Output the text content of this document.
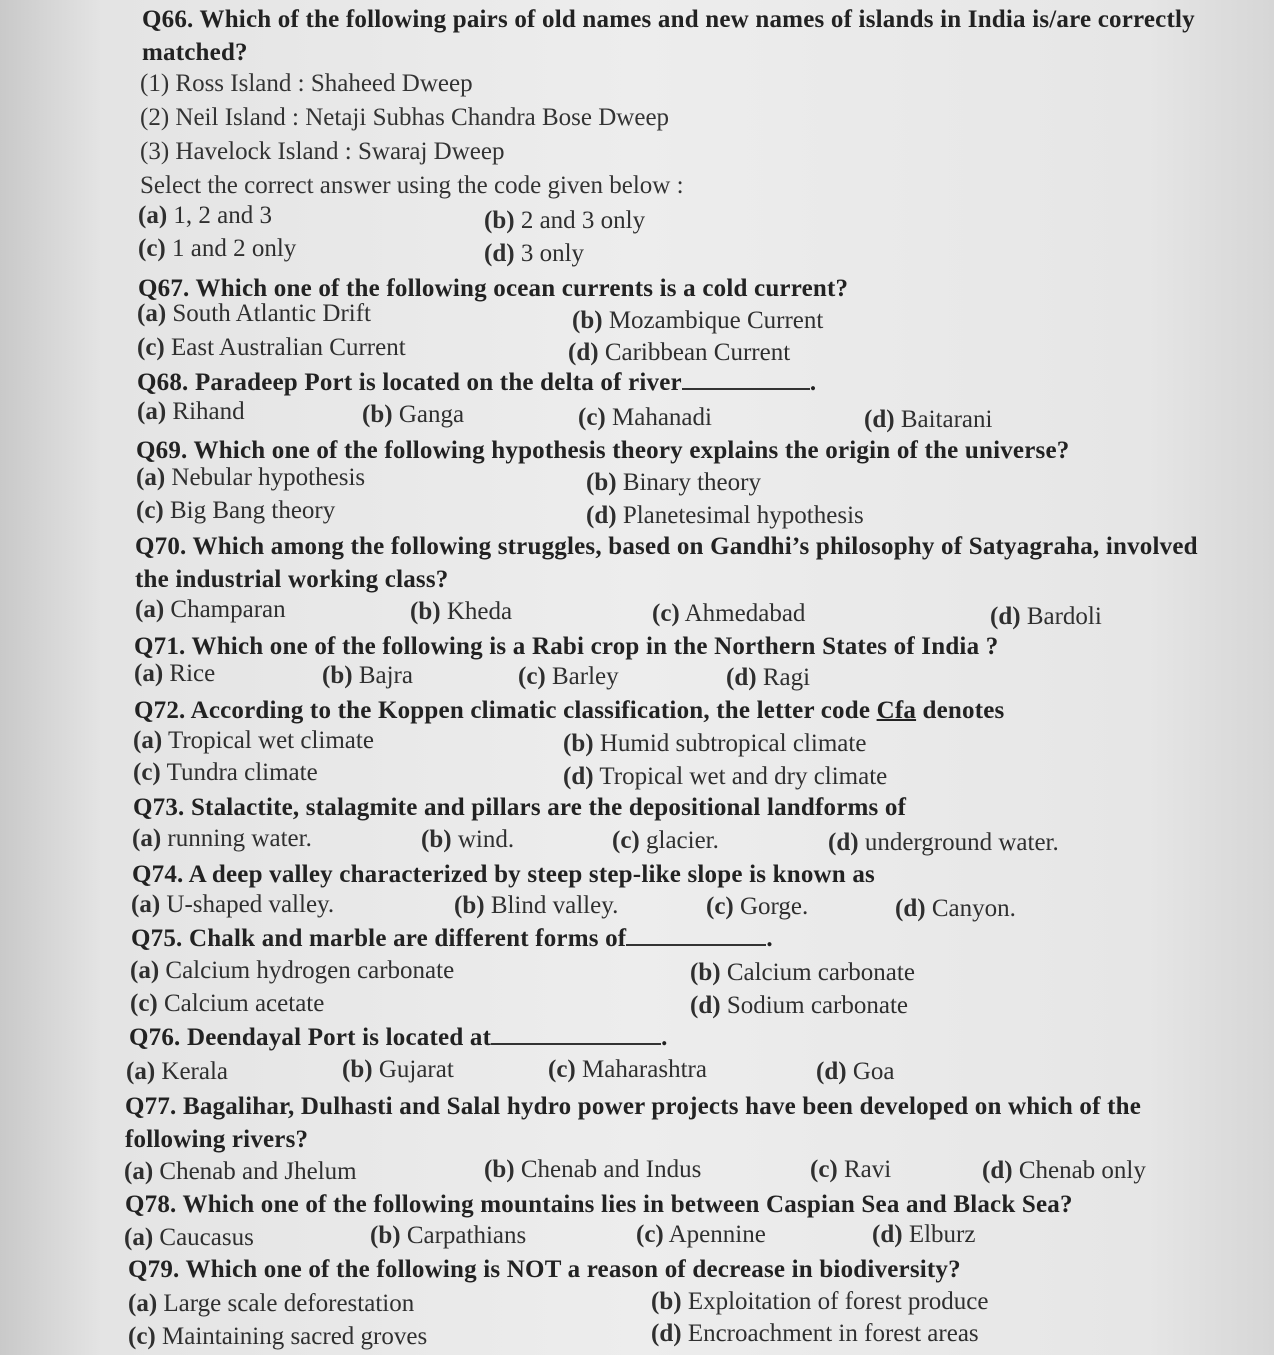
Q66. Which of the following pairs of old names and new names of islands in India is/are correctly matched?
(1) Ross Island : Shaheed Dweep
(2) Neil Island : Netaji Subhas Chandra Bose Dweep
(3) Havelock Island : Swaraj Dweep
Select the correct answer using the code given below :
(a) 1, 2 and 3	(b) 2 and 3 only
(c) 1 and 2 only	(d) 3 only
Q67. Which one of the following ocean currents is a cold current?
(a) South Atlantic Drift	(b) Mozambique Current
(c) East Australian Current	(d) Caribbean Current
Q68. Paradeep Port is located on the delta of river	.
(a) Rihand	(b) Ganga	(c) Mahanadi	(d) Baitarani
Q69. Which one of the following hypothesis theory explains the origin of the universe?
(a) Nebular hypothesis	(b) Binary theory
(c) Big Bang theory	(d) Planetesimal hypothesis
Q70. Which among the following struggles, based on Gandhi’s philosophy of Satyagraha, involved the industrial working class?
(a) Champaran	(b) Kheda	(c) Ahmedabad	(d) Bardoli
Q71. Which one of the following is a Rabi crop in the Northern States of India ?
(a) Rice	(b) Bajra	(c) Barley	(d) Ragi
Q72. According to the Koppen climatic classification, the letter code Cfa denotes
(a) Tropical wet climate	(b) Humid subtropical climate
(c) Tundra climate	(d) Tropical wet and dry climate
Q73. Stalactite, stalagmite and pillars are the depositional landforms of
(a) running water.	(b) wind.	(c) glacier.	(d) underground water.
Q74. A deep valley characterized by steep step-like slope is known as
(a) U-shaped valley.	(b) Blind valley.	(c) Gorge.	(d) Canyon.
Q75. Chalk and marble are different forms of	.
(a) Calcium hydrogen carbonate	(b) Calcium carbonate
(c) Calcium acetate	(d) Sodium carbonate
Q76. Deendayal Port is located at	.
(a) Kerala	(b) Gujarat	(c) Maharashtra	(d) Goa
Q77. Bagalihar, Dulhasti and Salal hydro power projects have been developed on which of the following rivers?
(a) Chenab and Jhelum	(b) Chenab and Indus	(c) Ravi	(d) Chenab only
Q78. Which one of the following mountains lies in between Caspian Sea and Black Sea?
(a) Caucasus	(b) Carpathians	(c) Apennine	(d) Elburz
Q79. Which one of the following is NOT a reason of decrease in biodiversity?
(a) Large scale deforestation	(b) Exploitation of forest produce
(c) Maintaining sacred groves	(d) Encroachment in forest areas
